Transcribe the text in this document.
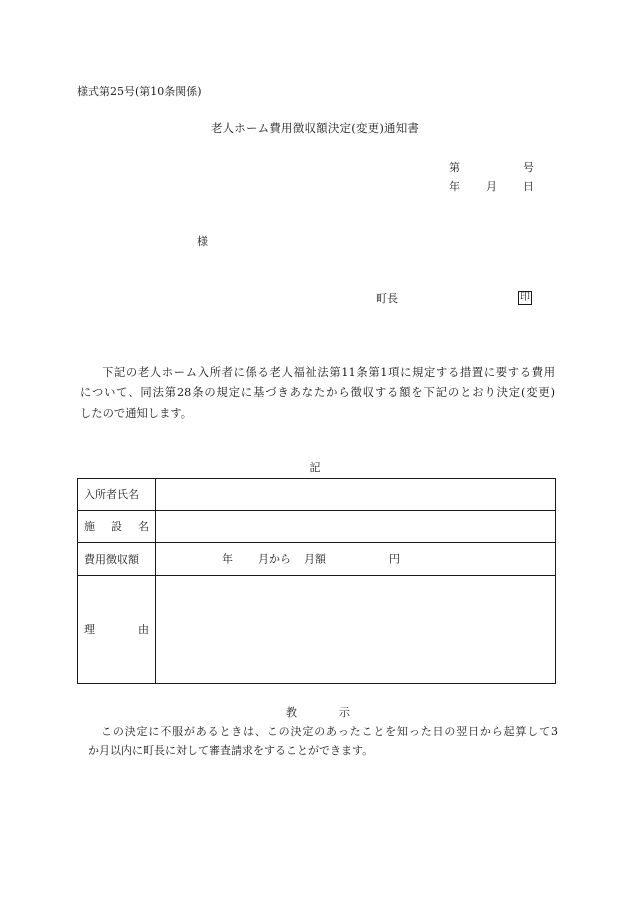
様式第25号(第10条関係)
老人ホーム費用徴収額決定(変更)通知書
第	号
年 月 日
様
町長	印
下記の老人ホーム入所者に係る老人福祉法第11条第1項に規定する措置に要する費用
について、同法第28条の規定に基づきあなたから徴収する額を下記のとおり決定(変更)
したので通知します。
記
入所者氏名	

施 設 名	

費用徴収額	年 月から 月額 円

理 由	

教	示
この決定に不服があるときは、この決定のあったことを知った日の翌日から起算して3
か月以内に町長に対して審査請求をすることができます。
